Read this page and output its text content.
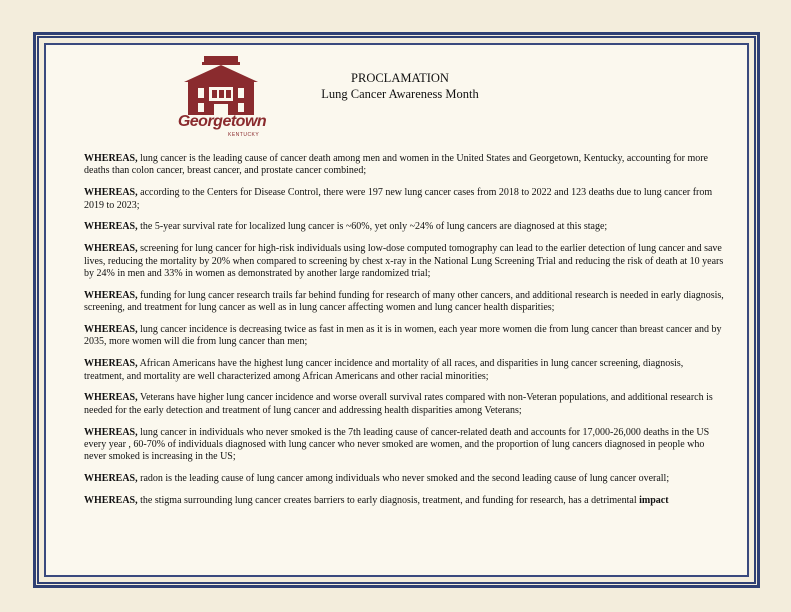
Georgetown
KENTUCKY
PROCLAMATION
Lung Cancer Awareness Month

WHEREAS, lung cancer is the leading cause of cancer death among men and women in the United States and Georgetown, Kentucky, accounting for more deaths than colon cancer, breast cancer, and prostate cancer combined;

WHEREAS, according to the Centers for Disease Control, there were 197 new lung cancer cases from 2018 to 2022 and 123 deaths due to lung cancer from 2019 to 2023;

WHEREAS, the 5-year survival rate for localized lung cancer is ~60%, yet only ~24% of lung cancers are diagnosed at this stage;

WHEREAS, screening for lung cancer for high-risk individuals using low-dose computed tomography can lead to the earlier detection of lung cancer and save lives, reducing the mortality by 20% when compared to screening by chest x-ray in the National Lung Screening Trial and reducing the risk of death at 10 years by 24% in men and 33% in women as demonstrated by another large randomized trial;

WHEREAS, funding for lung cancer research trails far behind funding for research of many other cancers, and additional research is needed in early diagnosis, screening, and treatment for lung cancer as well as in lung cancer affecting women and lung cancer health disparities;

WHEREAS, lung cancer incidence is decreasing twice as fast in men as it is in women, each year more women die from lung cancer than breast cancer and by 2035, more women will die from lung cancer than men;

WHEREAS, African Americans have the highest lung cancer incidence and mortality of all races, and disparities in lung cancer screening, diagnosis, treatment, and mortality are well characterized among African Americans and other racial minorities;

WHEREAS, Veterans have higher lung cancer incidence and worse overall survival rates compared with non-Veteran populations, and additional research is needed for the early detection and treatment of lung cancer and addressing health disparities among Veterans;

WHEREAS, lung cancer in individuals who never smoked is the 7th leading cause of cancer-related death and accounts for 17,000-26,000 deaths in the US every year , 60-70% of individuals diagnosed with lung cancer who never smoked are women, and the proportion of lung cancers diagnosed in people who never smoked is increasing in the US;

WHEREAS, radon is the leading cause of lung cancer among individuals who never smoked and the second leading cause of lung cancer overall;

WHEREAS, the stigma surrounding lung cancer creates barriers to early diagnosis, treatment, and funding for research, has a detrimental impact
